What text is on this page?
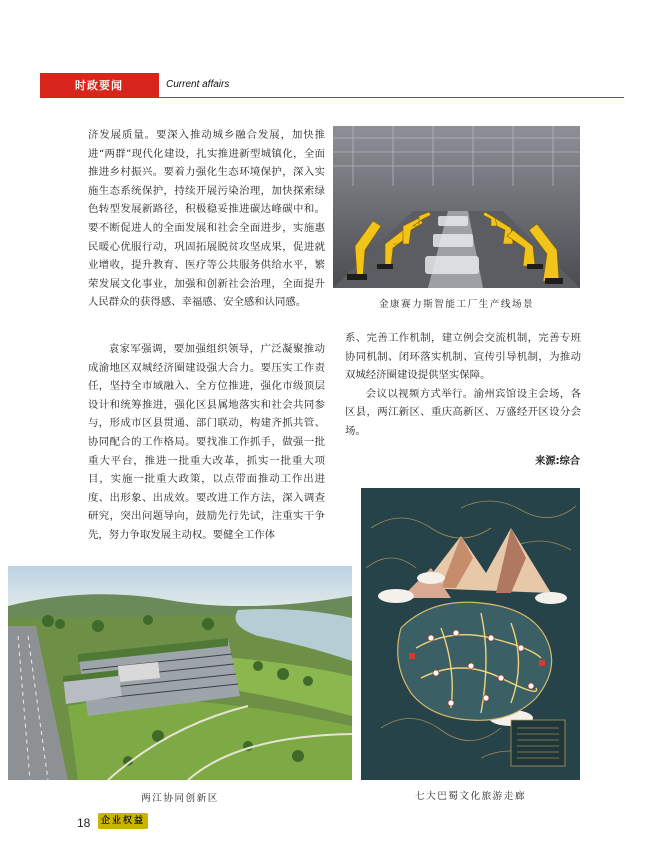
时政要闻	Current affairs

济发展质量。要深入推动城乡融合发展，加快推进“两群”现代化建设，扎实推进新型城镇化，全面推进乡村振兴。要着力强化生态环境保护，深入实施生态系统保护，持续开展污染治理，加快探索绿色转型发展新路径，积极稳妥推进碳达峰碳中和。要不断促进人的全面发展和社会全面进步，实施惠民暖心优服行动，巩固拓展脱贫攻坚成果，促进就业增收，提升教育、医疗等公共服务供给水平，繁荣发展文化事业，加强和创新社会治理，全面提升人民群众的获得感、幸福感、安全感和认同感。

袁家军强调，要加强组织领导，广泛凝聚推动成渝地区双城经济圈建设强大合力。要压实工作责任，坚持全市域融入、全方位推进，强化市级顶层设计和统筹推进，强化区县属地落实和社会共同参与，形成市区县贯通、部门联动，构建齐抓共管、协同配合的工作格局。要找准工作抓手，做强一批重大平台，推进一批重大改革，抓实一批重大项目，实施一批重大政策，以点带面推动工作出进度、出形象、出成效。要改进工作方法，深入调查研究，突出问题导向，鼓励先行先试，注重实干争先，努力争取发展主动权。要健全工作体

系、完善工作机制，建立例会交流机制，完善专班协同机制、闭环落实机制、宣传引导机制，为推动双城经济圈建设提供坚实保障。

会议以视频方式举行。渝州宾馆设主会场，各区县，两江新区、重庆高新区、万盛经开区设分会场。

来源:综合
金康赛力斯智能工厂生产线场景
两江协同创新区	七大巴蜀文化旅游走廊
18	企业权益
